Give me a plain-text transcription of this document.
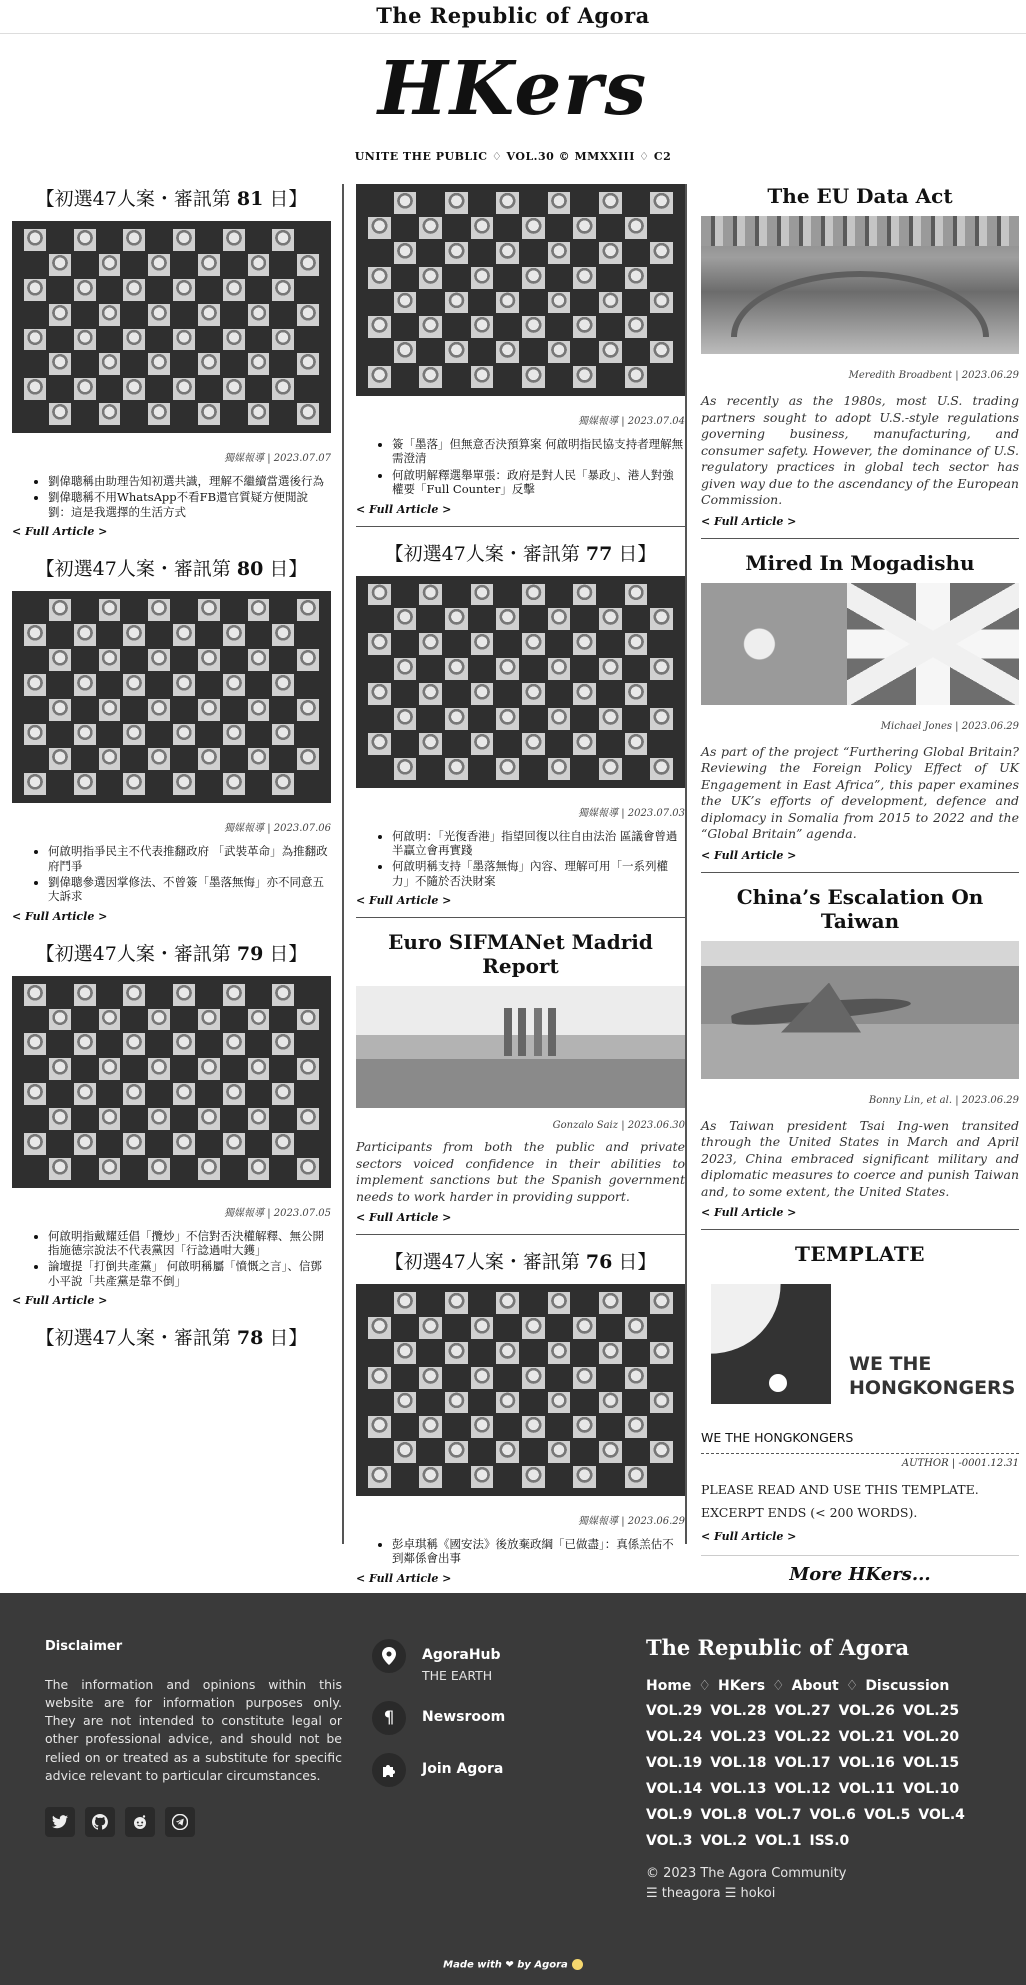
The Republic of Agora
HKers
UNITE THE PUBLIC ♢ VOL.30 © MMXXIII ♢ C2
【初選47人案・審訊第 81 日】
獨媒報導 | 2023.07.07
• 劉偉聰稱由助理告知初選共識，理解不繼續當選後行為
• 劉偉聰稱不用WhatsApp不看FB還官質疑方便閒說劉：這是我選擇的生活方式
< Full Article >
【初選47人案・審訊第 80 日】
獨媒報導 | 2023.07.06
• 何啟明指爭民主不代表推翻政府 「武裝革命」為推翻政府鬥爭
• 劉偉聰參選因掌修法、不曾簽「墨落無悔」亦不同意五大訴求
< Full Article >
【初選47人案・審訊第 79 日】
獨媒報導 | 2023.07.05
• 何啟明指戴耀廷倡「攬炒」不信對否決權解釋、無公開指施德宗說法不代表黨因「行諗過咁大鑊」
• 論壇提「打倒共產黨」 何啟明稱屬「憤慨之言」、信鄧小平說「共產黨是靠不倒」
< Full Article >
【初選47人案・審訊第 78 日】
獨媒報導 | 2023.07.04
• 簽「墨落」但無意否決預算案 何啟明指民協支持者理解無需澄清
• 何啟明解釋選舉單張：政府是對人民「暴政」、港人對強權要「Full Counter」反擊
< Full Article >
【初選47人案・審訊第 77 日】
獨媒報導 | 2023.07.03
• 何啟明：「光復香港」指望回復以往自由法治 區議會曾過半贏立會再實踐
• 何啟明稱支持「墨落無悔」內容、理解可用「一系列權力」不隨於否決財案
< Full Article >
Euro SIFMANet Madrid Report
Gonzalo Saiz | 2023.06.30
Participants from both the public and private sectors voiced confidence in their abilities to implement sanctions but the Spanish government needs to work harder in providing support.
< Full Article >
【初選47人案・審訊第 76 日】
獨媒報導 | 2023.06.29
• 彭卓琪稱《國安法》後放棄政綱「已做盡」：真係羔估不到鄰係會出事
< Full Article >
The EU Data Act
Meredith Broadbent | 2023.06.29
As recently as the 1980s, most U.S. trading partners sought to adopt U.S.-style regulations governing business, manufacturing, and consumer safety. However, the dominance of U.S. regulatory practices in global tech sector has given way due to the ascendancy of the European Commission.
< Full Article >
Mired In Mogadishu
Michael Jones | 2023.06.29
As part of the project “Furthering Global Britain? Reviewing the Foreign Policy Effect of UK Engagement in East Africa”, this paper examines the UK’s efforts of development, defence and diplomacy in Somalia from 2015 to 2022 and the “Global Britain” agenda.
< Full Article >
China’s Escalation On Taiwan
Bonny Lin, et al. | 2023.06.29
As Taiwan president Tsai Ing-wen transited through the United States in March and April 2023, China embraced significant military and diplomatic measures to coerce and punish Taiwan and, to some extent, the United States.
< Full Article >
TEMPLATE
WE THE
HONGKONGERS
WE THE HONGKONGERS
AUTHOR | -0001.12.31
PLEASE READ AND USE THIS TEMPLATE.
EXCERPT ENDS (< 200 WORDS).
< Full Article >
More HKers...
Disclaimer

The information and opinions within this website are for information purposes only. They are not intended to constitute legal or other professional advice, and should not be relied on or treated as a substitute for specific advice relevant to particular circumstances.

AgoraHub
THE EARTH
¶	Newsroom
Join Agora
The Republic of Agora
Home ♢ HKers ♢ About ♢ Discussion
VOL.29 VOL.28 VOL.27 VOL.26 VOL.25VOL.24 VOL.23 VOL.22 VOL.21 VOL.20VOL.19 VOL.18 VOL.17 VOL.16 VOL.15VOL.14 VOL.13 VOL.12 VOL.11 VOL.10VOL.9 VOL.8 VOL.7 VOL.6 VOL.5 VOL.4VOL.3 VOL.2 VOL.1 ISS.0
© 2023 The Agora Community
☰ theagora ☰ hokoi
Made with ❤ by Agora
